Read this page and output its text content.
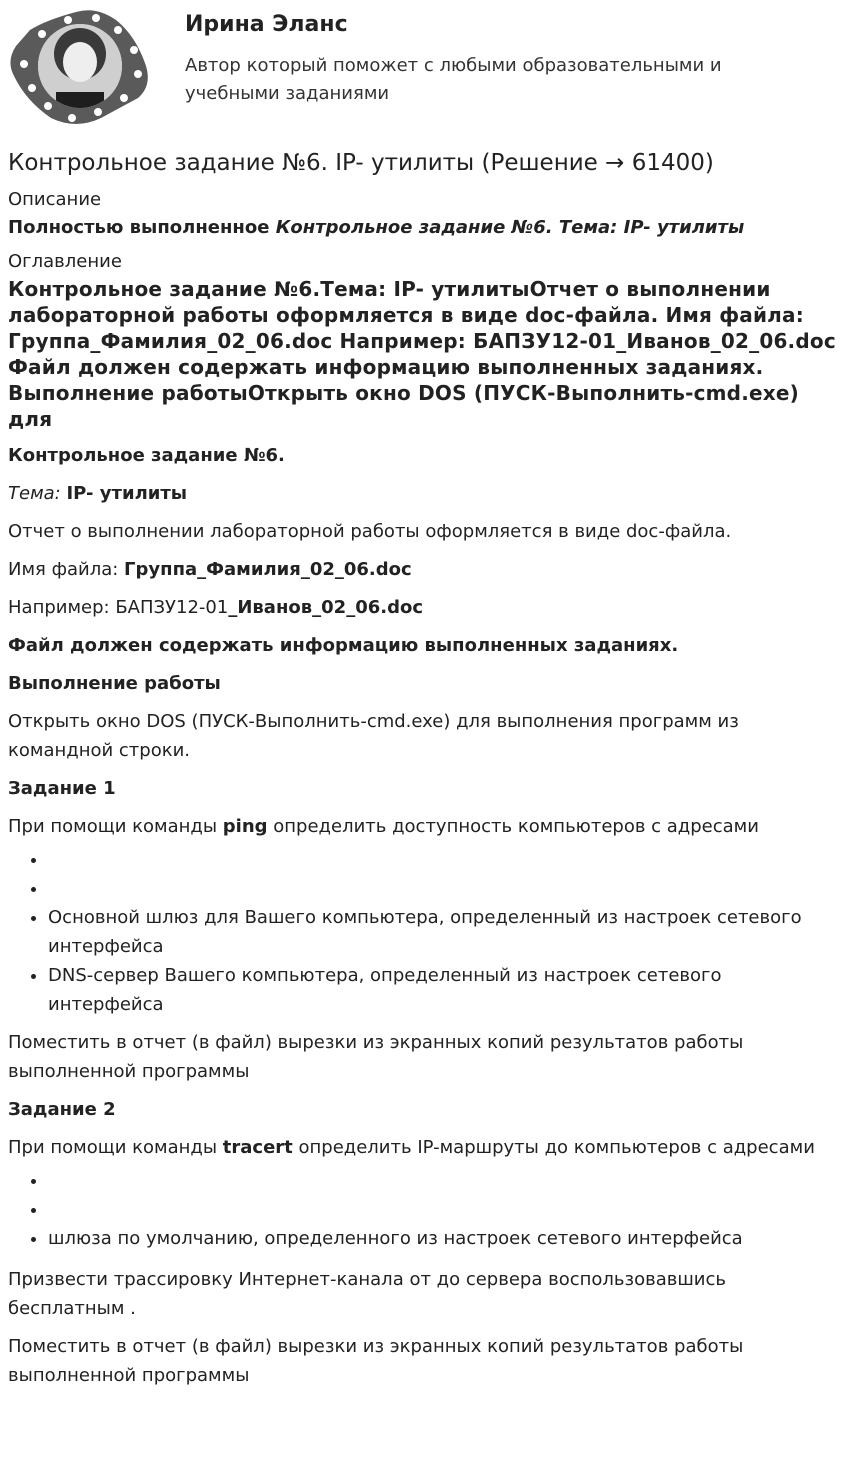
Ирина Эланс
Автор который поможет с любыми образовательными и учебными заданиями
Контрольное задание №6. IP- утилиты (Решение → 61400)
Описание
Полностью выполненное Контрольное задание №6. Тема: IP- утилиты
Оглавление
Контрольное задание №6.Тема: IP- утилитыОтчет о выполнении лабораторной работы оформляется в виде doc-файла. Имя файла: Группа_Фамилия_02_06.doc Например: БАПЗУ12-01_Иванов_02_06.doc Файл должен содержать информацию выполненных заданиях. Выполнение работыОткрыть окно DOS (ПУСК-Выполнить-cmd.exe) для

Контрольное задание №6.

Тема: IP- утилиты

Отчет о выполнении лабораторной работы оформляется в виде doc-файла.

Имя файла: Группа_Фамилия_02_06.doc

Например: БАПЗУ12-01_Иванов_02_06.doc

Файл должен содержать информацию выполненных заданиях.

Выполнение работы

Открыть окно DOS (ПУСК-Выполнить-cmd.exe) для выполнения программ из командной строки.

Задание 1

При помощи команды ping определить доступность компьютеров с адресами

•
•
• Основной шлюз для Вашего компьютера, определенный из настроек сетевого интерфейса
• DNS-сервер Вашего компьютера, определенный из настроек сетевого интерфейса

Поместить в отчет (в файл) вырезки из экранных копий результатов работы выполненной программы

Задание 2

При помощи команды tracert определить IP-маршруты до компьютеров с адресами

•
•
• шлюза по умолчанию, определенного из настроек сетевого интерфейса

Призвести трассировку Интернет-канала от до сервера воспользовавшись бесплатным .

Поместить в отчет (в файл) вырезки из экранных копий результатов работы выполненной программы
